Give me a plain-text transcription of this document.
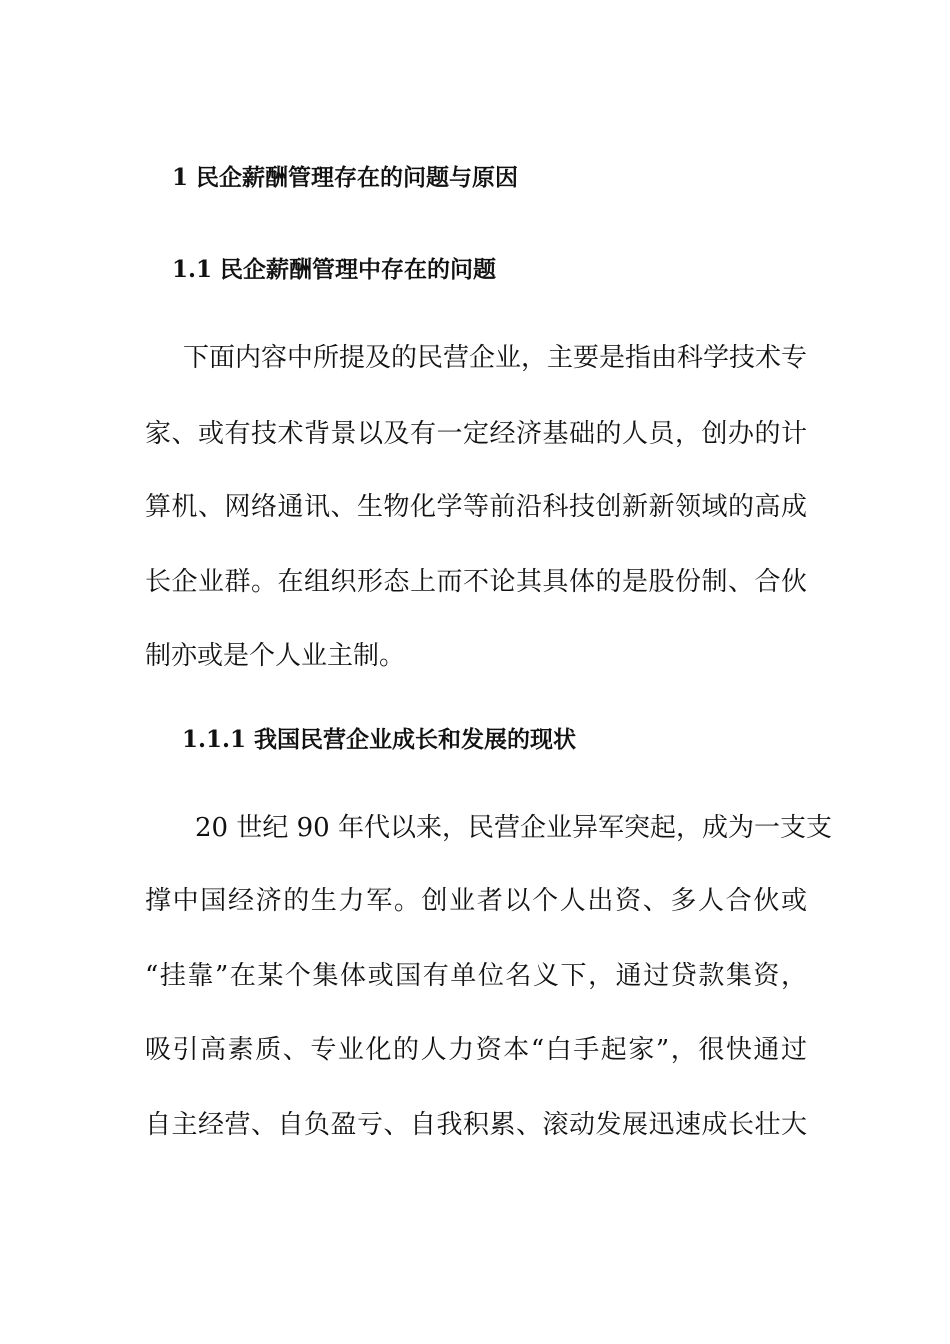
1 民企薪酬管理存在的问题与原因
1.1 民企薪酬管理中存在的问题

下面内容中所提及的民营企业，主要是指由科学技术专

家、或有技术背景以及有一定经济基础的人员，创办的计

算机、网络通讯、生物化学等前沿科技创新新领域的高成

长企业群。在组织形态上而不论其具体的是股份制、合伙

制亦或是个人业主制。

1.1.1 我国民营企业成长和发展的现状

20 世纪 90 年代以来，民营企业异军突起，成为一支支

撑中国经济的生力军。创业者以个人出资、多人合伙或

“挂靠”在某个集体或国有单位名义下，通过贷款集资，

吸引高素质、专业化的人力资本“白手起家”，很快通过

自主经营、自负盈亏、自我积累、滚动发展迅速成长壮大
